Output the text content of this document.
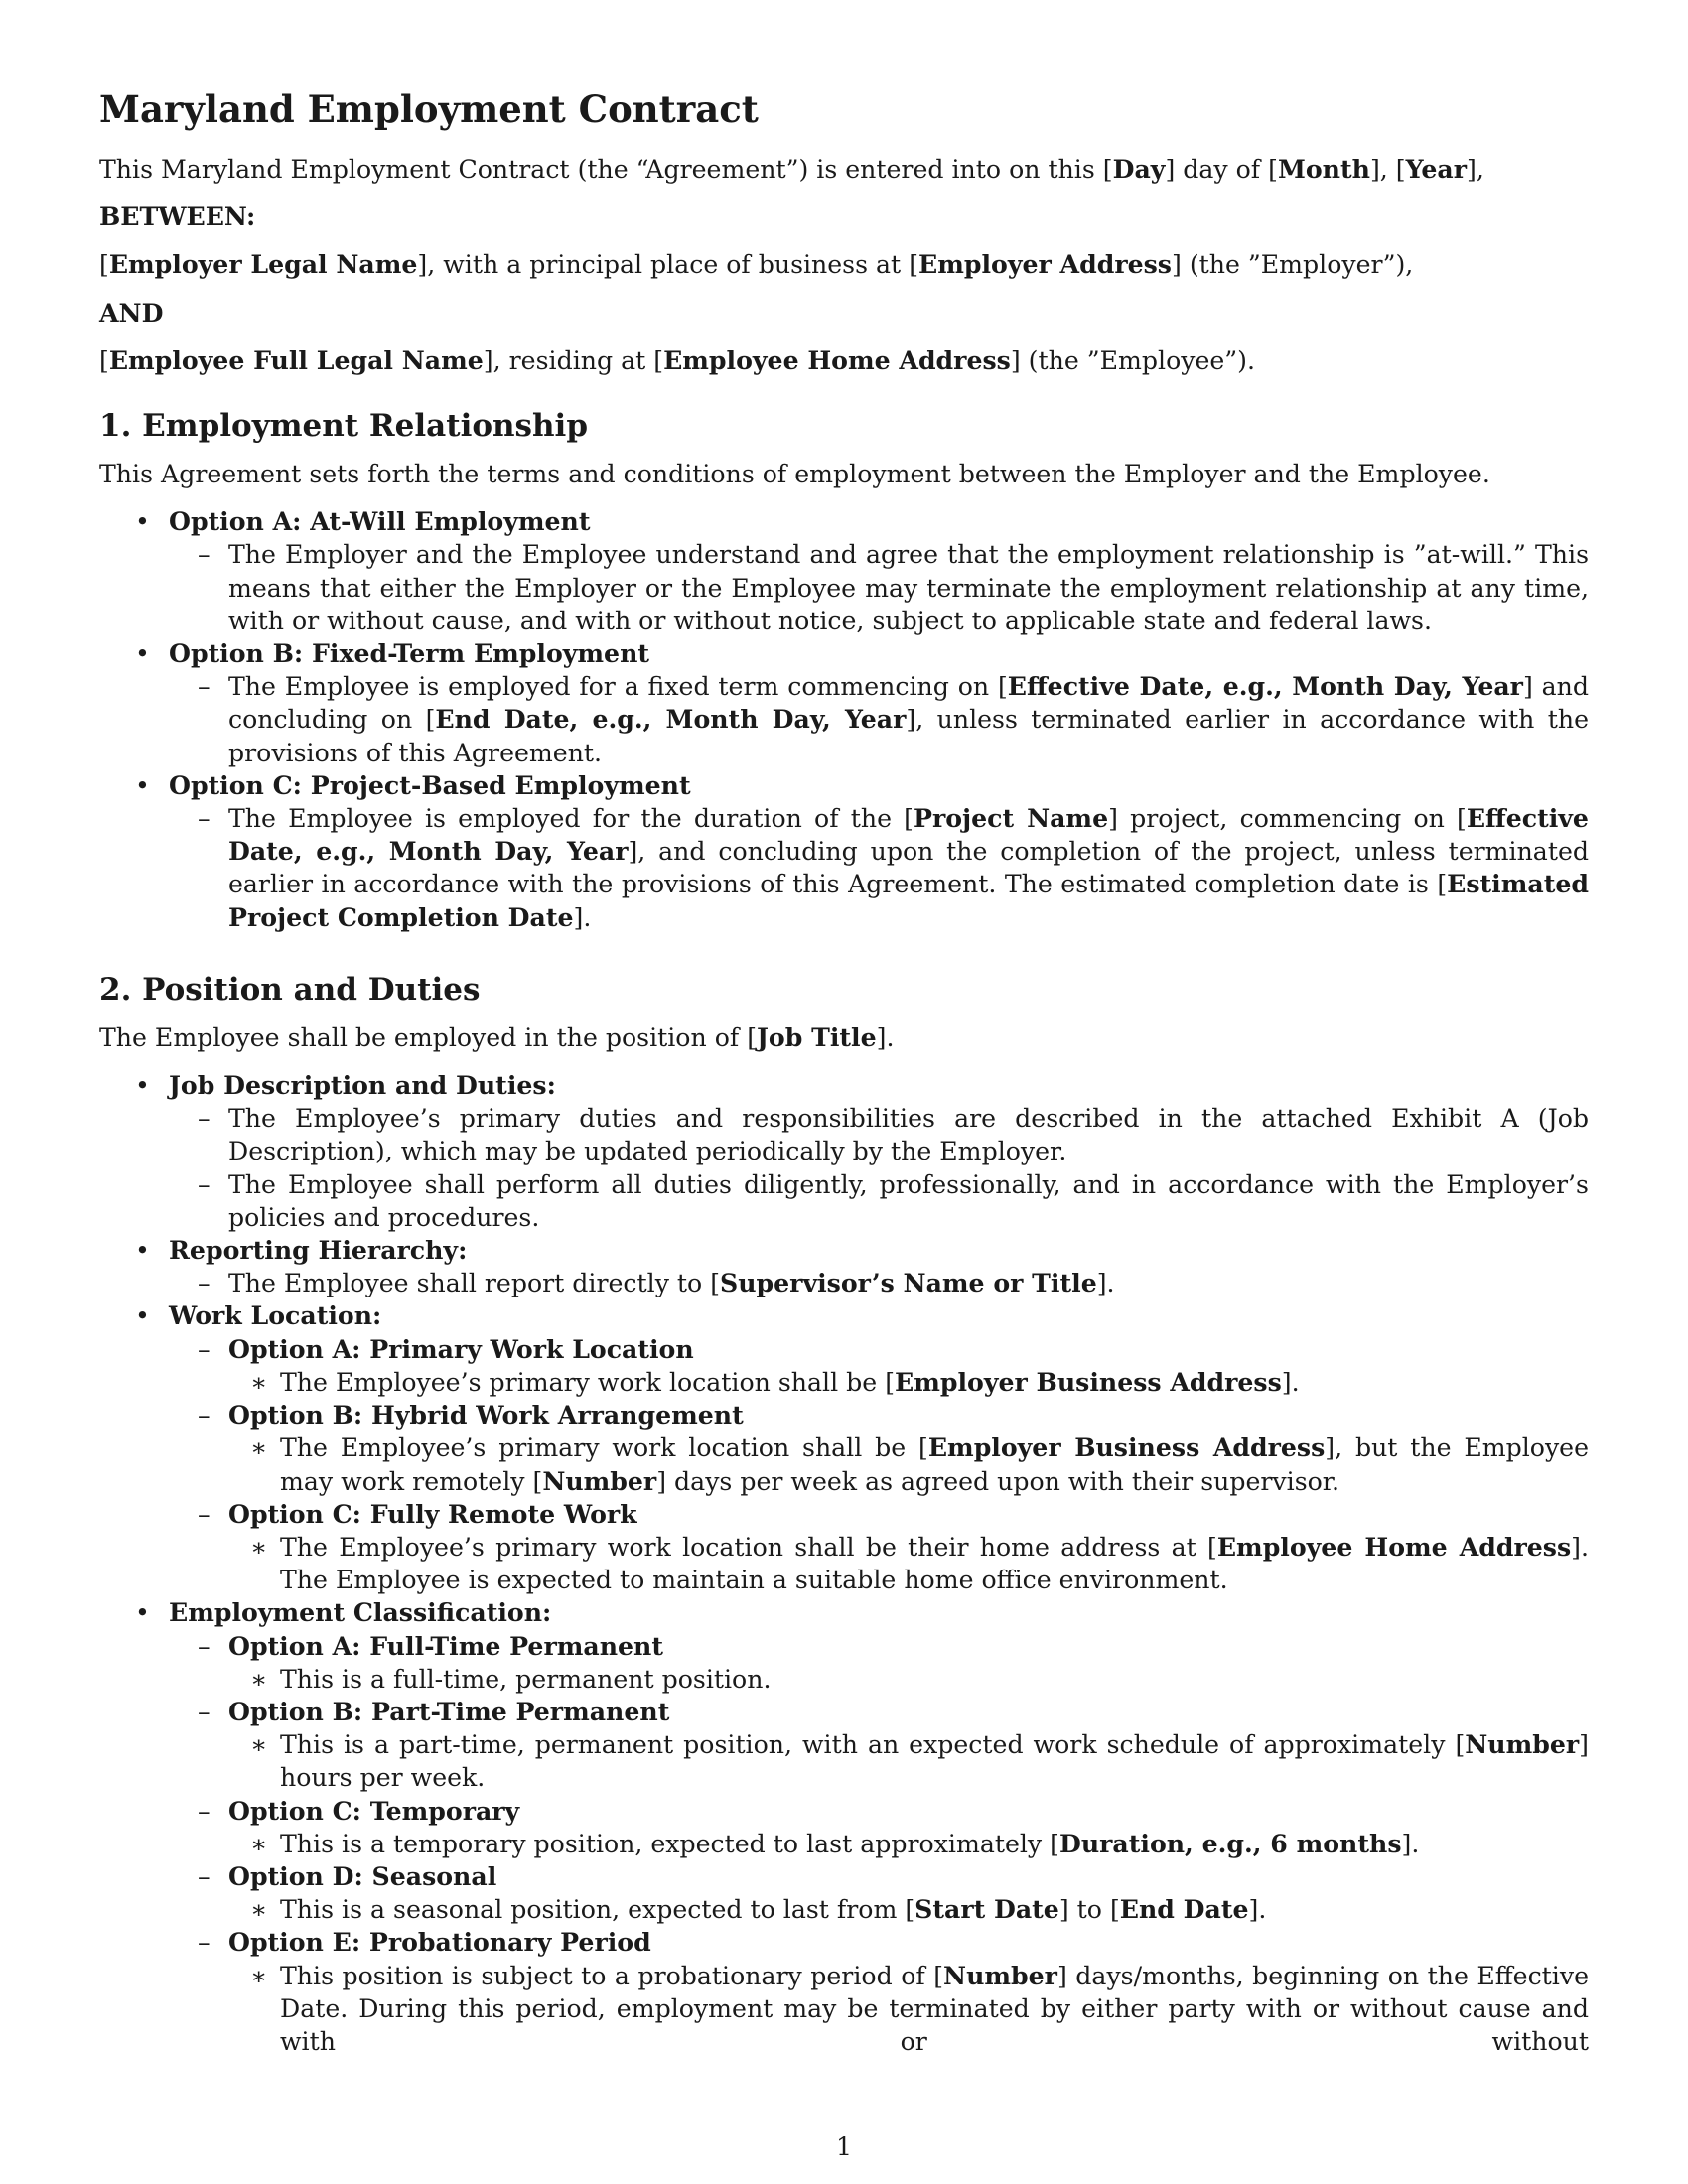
Maryland Employment Contract

This Maryland Employment Contract (the “Agreement”) is entered into on this [Day] day of [Month], [Year],

BETWEEN:

[Employer Legal Name], with a principal place of business at [Employer Address] (the ”Employer”),

AND

[Employee Full Legal Name], residing at [Employee Home Address] (the ”Employee”).

1. Employment Relationship

This Agreement sets forth the terms and conditions of employment between the Employer and the Employee.

• Option A: At-Will Employment
– The Employer and the Employee understand and agree that the employment relationship is ”at-will.” This means that either the Employer or the Employee may terminate the employment relationship at any time, with or without cause, and with or without notice, subject to applicable state and federal laws.
• Option B: Fixed-Term Employment
– The Employee is employed for a fixed term commencing on [Effective Date, e.g., Month Day, Year] and concluding on [End Date, e.g., Month Day, Year], unless terminated earlier in accordance with the provisions of this Agreement.
• Option C: Project-Based Employment
– The Employee is employed for the duration of the [Project Name] project, commencing on [Effective Date, e.g., Month Day, Year], and concluding upon the completion of the project, unless terminated earlier in accordance with the provisions of this Agreement. The estimated completion date is [Estimated Project Completion Date].
2. Position and Duties

The Employee shall be employed in the position of [Job Title].

• Job Description and Duties:
– The Employee’s primary duties and responsibilities are described in the attached Exhibit A (Job Description), which may be updated periodically by the Employer.
– The Employee shall perform all duties diligently, professionally, and in accordance with the Employer’s policies and procedures.
• Reporting Hierarchy:
– The Employee shall report directly to [Supervisor’s Name or Title].
• Work Location:
– Option A: Primary Work Location
∗ The Employee’s primary work location shall be [Employer Business Address].
– Option B: Hybrid Work Arrangement
∗ The Employee’s primary work location shall be [Employer Business Address], but the Employee may work remotely [Number] days per week as agreed upon with their supervisor.
– Option C: Fully Remote Work
∗ The Employee’s primary work location shall be their home address at [Employee Home Address]. The Employee is expected to maintain a suitable home office environment.
• Employment Classification:
– Option A: Full-Time Permanent
∗ This is a full-time, permanent position.
– Option B: Part-Time Permanent
∗ This is a part-time, permanent position, with an expected work schedule of approximately [Number] hours per week.
– Option C: Temporary
∗ This is a temporary position, expected to last approximately [Duration, e.g., 6 months].
– Option D: Seasonal
∗ This is a seasonal position, expected to last from [Start Date] to [End Date].
– Option E: Probationary Period
∗ This position is subject to a probationary period of [Number] days/months, beginning on the Effective Date. During this period, employment may be terminated by either party with or without cause and with or without
1
